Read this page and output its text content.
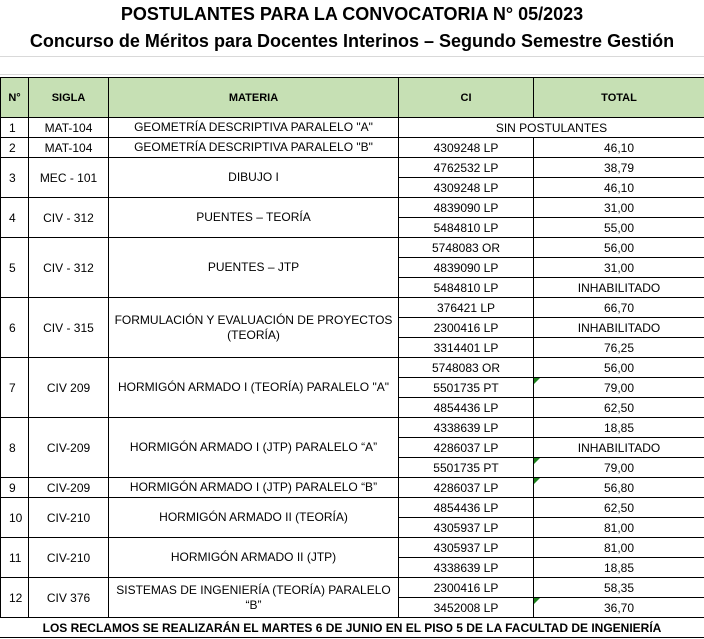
POSTULANTES PARA LA CONVOCATORIA N° 05/2023
Concurso de Méritos para Docentes Interinos – Segundo Semestre Gestión
N°	SIGLA	MATERIA	CI	TOTAL
1	MAT-104	GEOMETRÍA DESCRIPTIVA PARALELO "A"	SIN POSTULANTES	
2	MAT-104	GEOMETRÍA DESCRIPTIVA PARALELO "B"	4309248 LP	46,10
3	MEC - 101	DIBUJO I	4762532 LP	38,79
			4309248 LP	46,10
4	CIV - 312	PUENTES – TEORÍA	4839090 LP	31,00
			5484810 LP	55,00
5	CIV - 312	PUENTES – JTP	5748083 OR	56,00
			4839090 LP	31,00
			5484810 LP	INHABILITADO
6	CIV - 315	FORMULACIÓN Y EVALUACIÓN DE PROYECTOS (TEORÍA)	376421 LP	66,70
			2300416 LP	INHABILITADO
			3314401 LP	76,25
7	CIV 209	HORMIGÓN ARMADO I (TEORÍA) PARALELO "A"	5748083 OR	56,00
			5501735 PT	79,00
			4854436 LP	62,50
8	CIV-209	HORMIGÓN ARMADO I (JTP) PARALELO “A”	4338639 LP	18,85
			4286037 LP	INHABILITADO
			5501735 PT	79,00
9	CIV-209	HORMIGÓN ARMADO I (JTP) PARALELO “B”	4286037 LP	56,80
10	CIV-210	HORMIGÓN ARMADO II (TEORÍA)	4854436 LP	62,50
			4305937 LP	81,00
11	CIV-210	HORMIGÓN ARMADO II (JTP)	4305937 LP	81,00
			4338639 LP	18,85
12	CIV 376	SISTEMAS DE INGENIERÍA (TEORÍA) PARALELO “B”	2300416 LP	58,35
			3452008 LP	36,70
LOS RECLAMOS SE REALIZARÁN EL MARTES 6 DE JUNIO EN EL PISO 5 DE LA FACULTAD DE INGENIERÍA
